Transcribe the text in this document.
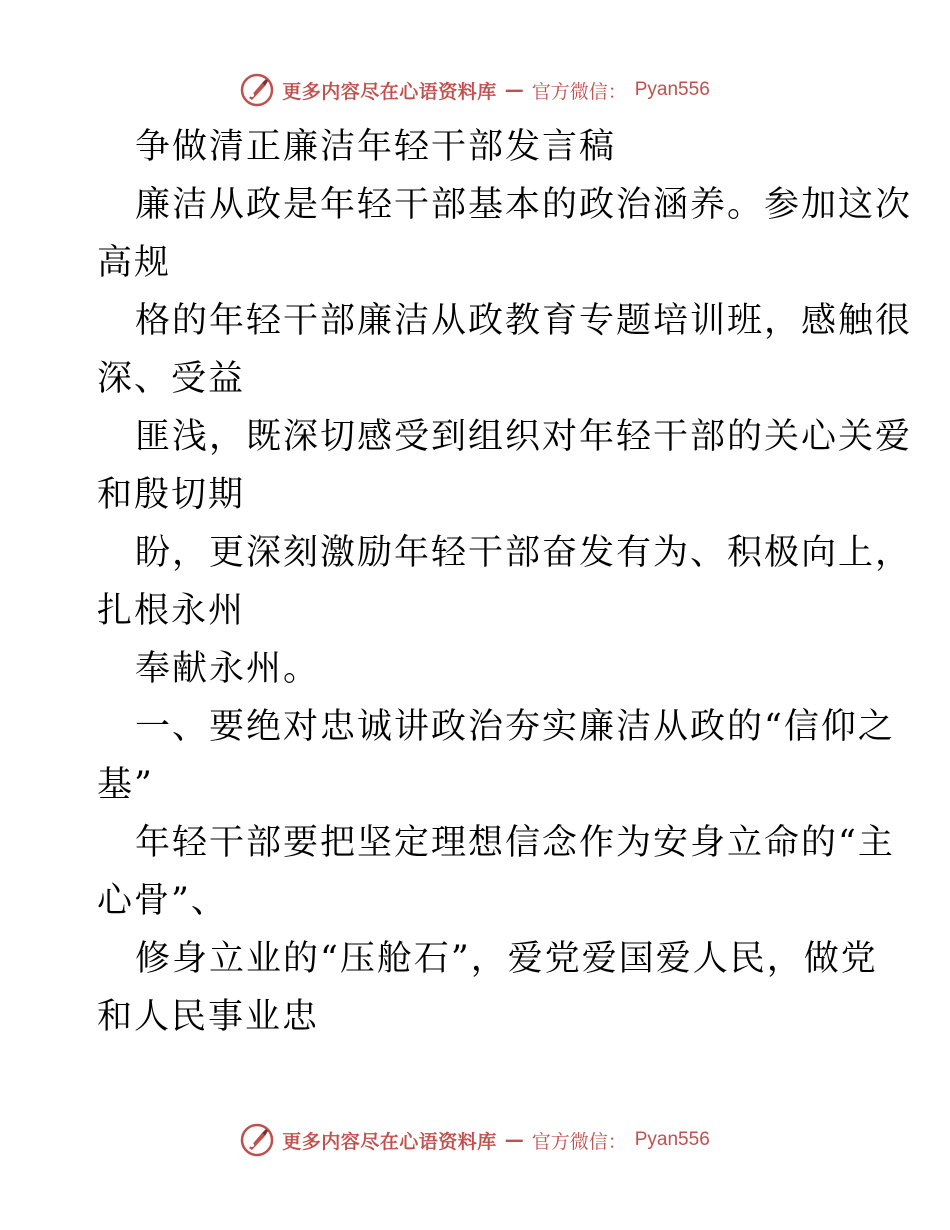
更多内容尽在心语资料库 — 官方微信： Pyan556
争做清正廉洁年轻干部发言稿
廉洁从政是年轻干部基本的政治涵养。参加这次
高规
格的年轻干部廉洁从政教育专题培训班，感触很
深、受益
匪浅，既深切感受到组织对年轻干部的关心关爱
和殷切期
盼，更深刻激励年轻干部奋发有为、积极向上，
扎根永州
奉献永州。
一、要绝对忠诚讲政治夯实廉洁从政的“信仰之
基”
年轻干部要把坚定理想信念作为安身立命的“主
心骨”、
修身立业的“压舱石”，爱党爱国爱人民，做党
和人民事业忠
更多内容尽在心语资料库 — 官方微信： Pyan556
